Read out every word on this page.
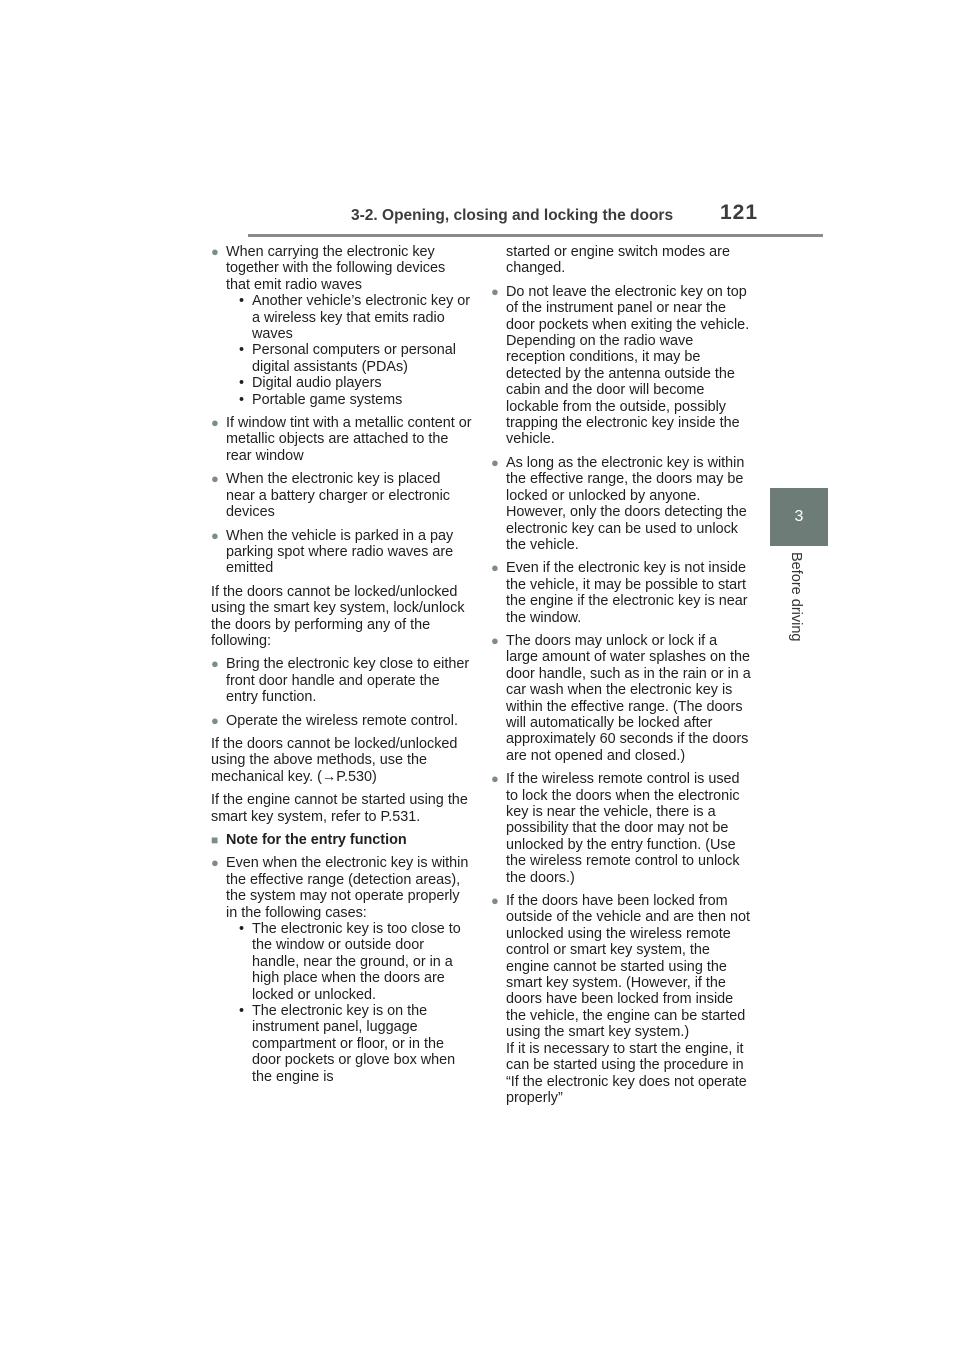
3-2. Opening, closing and locking the doors 121
3
Before driving
● When carrying the electronic key together with the following devices that emit radio waves
• Another vehicle’s electronic key or a wireless key that emits radio waves
• Personal computers or personal digital assistants (PDAs)
• Digital audio players
• Portable game systems
● If window tint with a metallic content or metallic objects are attached to the rear window
● When the electronic key is placed near a battery charger or electronic devices
● When the vehicle is parked in a pay parking spot where radio waves are emitted
If the doors cannot be locked/unlocked using the smart key system, lock/unlock the doors by performing any of the following:
● Bring the electronic key close to either front door handle and operate the entry function.
● Operate the wireless remote control.
If the doors cannot be locked/unlocked using the above methods, use the mechanical key. (→P.530)
If the engine cannot be started using the smart key system, refer to P.531.
■ Note for the entry function
● Even when the electronic key is within the effective range (detection areas), the system may not operate properly in the following cases:
• The electronic key is too close to the window or outside door handle, near the ground, or in a high place when the doors are locked or unlocked.
• The electronic key is on the instrument panel, luggage compartment or floor, or in the door pockets or glove box when the engine is
started or engine switch modes are changed.
● Do not leave the electronic key on top of the instrument panel or near the door pockets when exiting the vehicle. Depending on the radio wave reception conditions, it may be detected by the antenna outside the cabin and the door will become lockable from the outside, possibly trapping the electronic key inside the vehicle.
● As long as the electronic key is within the effective range, the doors may be locked or unlocked by anyone. However, only the doors detecting the electronic key can be used to unlock the vehicle.
● Even if the electronic key is not inside the vehicle, it may be possible to start the engine if the electronic key is near the window.
● The doors may unlock or lock if a large amount of water splashes on the door handle, such as in the rain or in a car wash when the electronic key is within the effective range. (The doors will automatically be locked after approximately 60 seconds if the doors are not opened and closed.)
● If the wireless remote control is used to lock the doors when the electronic key is near the vehicle, there is a possibility that the door may not be unlocked by the entry function. (Use the wireless remote control to unlock the doors.)
● If the doors have been locked from outside of the vehicle and are then not unlocked using the wireless remote control or smart key system, the engine cannot be started using the smart key system. (However, if the doors have been locked from inside the vehicle, the engine can be started using the smart key system.)
If it is necessary to start the engine, it can be started using the procedure in “If the electronic key does not operate properly”
